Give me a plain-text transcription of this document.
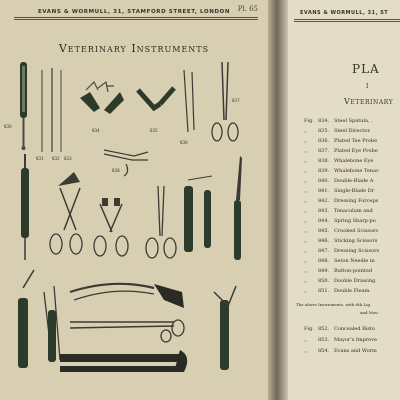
EVANS & WORMULL, 31, STAMFORD STREET, LONDON	Pl. 65
Veterinary Instruments
830
831 832 833
834	835
836
837
838
EVANS & WORMULL, 31, ST
PLA
I
Veterinary
Fig. 834. Steel Spatula, .
,, 835. Steel Director.
,, 836. Plated Tee Probe
,, 837. Plated Eye Probe
,, 838. Whalebone Eye
,, 839. Whalebone Tenac
,, 840. Double-Blade A
,, 841. Single-Blade Dr
,, 842. Dressing Forceps
,, 843. Tenaculum and
,, 844. Spring Sharp-po
,, 845. Crooked Scissors
,, 846. Sticking Scissors
,, 847. Dressing Scissors
,, 848. Seton Needle in
,, 849. Button-pointed
,, 850. Double Drawing
,, 851. Double Fleam.
The above Instruments, with 6th Lig
and Mou
Fig. 852. Concealed Bisto
,, 853. Mayor's Improve
,, 854. Evans and Worm
